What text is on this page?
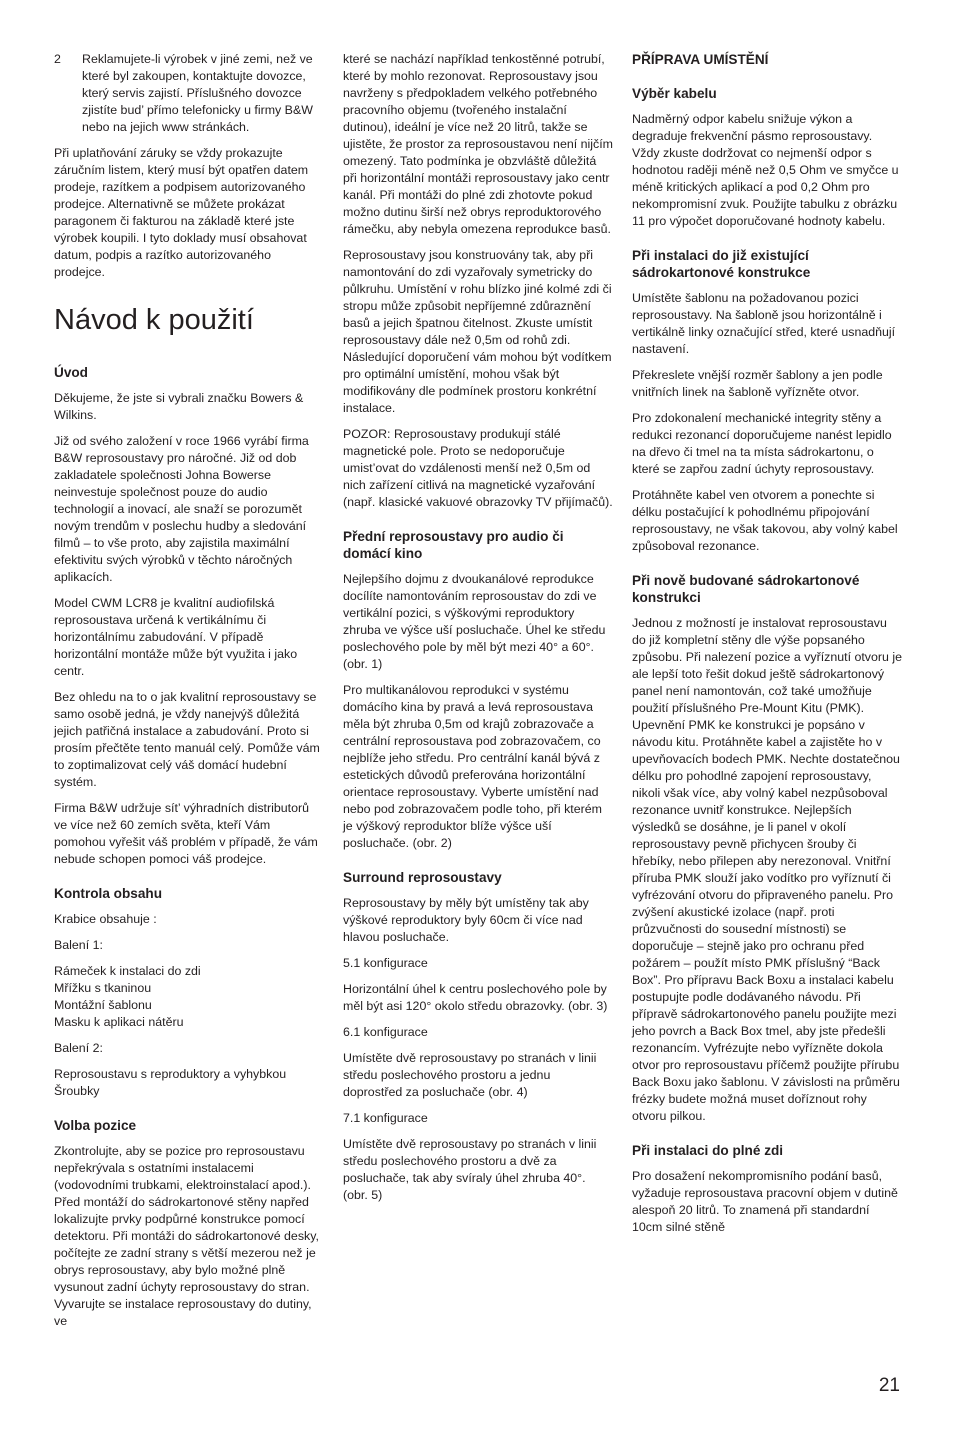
2	Reklamujete-li výrobek v jiné zemi, než ve které byl zakoupen, kontaktujte dovozce, který servis zajistí. Příslušného dovozce zjistíte bud’ přímo telefonicky u firmy B&W nebo na jejich www stránkách.

Při uplatňování záruky se vždy prokazujte záručním listem, který musí být opatřen datem prodeje, razítkem a podpisem autorizovaného prodejce. Alternativně se můžete prokázat paragonem či fakturou na základě které jste výrobek koupili. I tyto doklady musí obsahovat datum, podpis a razítko autorizovaného prodejce.

Návod k použití
Úvod

Děkujeme, že jste si vybrali značku Bowers & Wilkins.

Již od svého založení v roce 1966 vyrábí firma B&W reprosoustavy pro náročné. Již od dob zakladatele společnosti Johna Bowerse neinvestuje společnost pouze do audio technologií a inovací, ale snaží se porozumět novým trendům v poslechu hudby a sledování filmů – to vše proto, aby zajistila maximální efektivitu svých výrobků v těchto náročných aplikacích.

Model CWM LCR8 je kvalitní audiofilská reprosoustava určená k vertikálnímu či horizontálnímu zabudování. V případě horizontální montáže může být využita i jako centr.

Bez ohledu na to o jak kvalitní reprosoustavy se samo osobě jedná, je vždy nanejvýš důležitá jejich patřičná instalace a zabudování. Proto si prosím přečtěte tento manuál celý. Pomůže vám to zoptimalizovat celý váš domácí hudební systém.

Firma B&W udržuje sít’ výhradních distributorů ve více než 60 zemích světa, kteří Vám pomohou vyřešit váš problém v případě, že vám nebude schopen pomoci váš prodejce.

Kontrola obsahu

Krabice obsahuje :

Balení 1:

Rámeček k instalaci do zdi
Mřížku s tkaninou
Montážní šablonu
Masku k aplikaci nátěru

Balení 2:

Reprosoustavu s reproduktory a vyhybkou
Šroubky

Volba pozice

Zkontrolujte, aby se pozice pro reprosoustavu nepřekrývala s ostatními instalacemi (vodovodními trubkami, elektroinstalací apod.). Před montáží do sádrokartonové stěny napřed lokalizujte prvky podpůrné konstrukce pomocí detektoru. Při montáži do sádrokartonové desky, počítejte ze zadní strany s větší mezerou než je obrys reprosoustavy, aby bylo možné plně vysunout zadní úchyty reprosoustavy do stran. Vyvarujte se instalace reprosoustavy do dutiny, ve

které se nachází například tenkostěnné potrubí, které by mohlo rezonovat. Reprosoustavy jsou navrženy s předpokladem velkého potřebného pracovního objemu (tvořeného instalační dutinou), ideální je více než 20 litrů, takže se ujistěte, že prostor za reprosoustavou není nijčím omezený. Tato podmínka je obzvláště důležitá při horizontální montáži reprosoustavy jako centr kanál. Při montáži do plné zdi zhotovte pokud možno dutinu širší než obrys reproduktorového rámečku, aby nebyla omezena reprodukce basů.

Reprosoustavy jsou konstruovány tak, aby při namontování do zdi vyzařovaly symetricky do půlkruhu. Umístění v rohu blízko jiné kolmé zdi či stropu může způsobit nepříjemné zdůraznění basů a jejich špatnou čitelnost. Zkuste umístit reprosoustavy dále než 0,5m od rohů zdi. Následující doporučení vám mohou být vodítkem pro optimální umístění, mohou však být modifikovány dle podmínek prostoru konkrétní instalace.

POZOR: Reprosoustavy produkují stálé magnetické pole. Proto se nedoporučuje umist’ovat do vzdálenosti menší než 0,5m od nich zařízení citlivá na magnetické vyzařování (např. klasické vakuové obrazovky TV přijímačů).

Přední reprosoustavy pro audio či domácí kino

Nejlepšího dojmu z dvoukanálové reprodukce docílíte namontováním reprosoustav do zdi ve vertikální pozici, s výškovými reproduktory zhruba ve výšce uší posluchače. Úhel ke středu poslechového pole by měl být mezi 40° a 60°. (obr. 1)

Pro multikanálovou reprodukci v systému domácího kina by pravá a levá reprosoustava měla být zhruba 0,5m od krajů zobrazovače a centrální reprosoustava pod zobrazovačem, co nejblíže jeho středu. Pro centrální kanál bývá z estetických důvodů preferována horizontální orientace reprosoustavy. Vyberte umístění nad nebo pod zobrazovačem podle toho, při kterém je výškový reproduktor blíže výšce uší posluchače. (obr. 2)

Surround reprosoustavy

Reprosoustavy by měly být umístěny tak aby výškové reproduktory byly 60cm či více nad hlavou posluchače.

5.1 konfigurace

Horizontální úhel k centru poslechového pole by měl být asi 120° okolo středu obrazovky. (obr. 3)

6.1 konfigurace

Umístěte dvě reprosoustavy po stranách v linii středu poslechového prostoru a jednu doprostřed za posluchače (obr. 4)

7.1 konfigurace

Umístěte dvě reprosoustavy po stranách v linii středu poslechového prostoru a dvě za posluchače, tak aby svíraly úhel zhruba 40°. (obr. 5)

PŘÍPRAVA UMÍSTĚNÍ
Výběr kabelu

Nadměrný odpor kabelu snižuje výkon a degraduje frekvenční pásmo reprosoustavy. Vždy zkuste dodržovat co nejmenší odpor s hodnotou raději méně než 0,5 Ohm ve smyčce u méně kritických aplikací a pod 0,2 Ohm pro nekompromisní zvuk. Použijte tabulku z obrázku 11 pro výpočet doporučované hodnoty kabelu.

Při instalaci do již existující sádrokartonové konstrukce

Umístěte šablonu na požadovanou pozici reprosoustavy. Na šabloně jsou horizontálně i vertikálně linky označující střed, které usnadňují nastavení.

Překreslete vnější rozměr šablony a jen podle vnitřních linek na šabloně vyřízněte otvor.

Pro zdokonalení mechanické integrity stěny a redukci rezonancí doporučujeme nanést lepidlo na dřevo či tmel na ta místa sádrokartonu, o které se zapřou zadní úchyty reprosoustavy.

Protáhněte kabel ven otvorem a ponechte si délku postačující k pohodlnému připojování reprosoustavy, ne však takovou, aby volný kabel způsoboval rezonance.

Při nově budované sádrokartonové konstrukci

Jednou z možností je instalovat reprosoustavu do již kompletní stěny dle výše popsaného způsobu. Při nalezení pozice a vyříznutí otvoru je ale lepší toto řešit dokud ještě sádrokartonový panel není namontován, což také umožňuje použití příslušného Pre-Mount Kitu (PMK). Upevnění PMK ke konstrukci je popsáno v návodu kitu. Protáhněte kabel a zajistěte ho v upevňovacích bodech PMK. Nechte dostatečnou délku pro pohodlné zapojení reprosoustavy, nikoli však více, aby volný kabel nezpůsoboval rezonance uvnitř konstrukce. Nejlepších výsledků se dosáhne, je li panel v okolí reprosoustavy pevně přichycen šrouby či hřebíky, nebo přilepen aby nerezonoval. Vnitřní příruba PMK slouží jako vodítko pro vyříznutí či vyfrézování otvoru do připraveného panelu. Pro zvýšení akustické izolace (např. proti průzvučnosti do sousední místnosti) se doporučuje – stejně jako pro ochranu před požárem – použít místo PMK příslušný “Back Box”. Pro přípravu Back Boxu a instalaci kabelu postupujte podle dodávaného návodu. Při přípravě sádrokartonového panelu použijte mezi jeho povrch a Back Box tmel, aby jste předešli rezonancím. Vyfrézujte nebo vyřízněte dokola otvor pro reprosoustavu příčemž použijte přírubu Back Boxu jako šablonu. V závislosti na průměru frézky budete možná muset doříznout rohy otvoru pilkou.

Při instalaci do plné zdi

Pro dosažení nekompromisního podání basů, vyžaduje reprosoustava pracovní objem v dutině alespoň 20 litrů. To znamená při standardní 10cm silné stěně

21
